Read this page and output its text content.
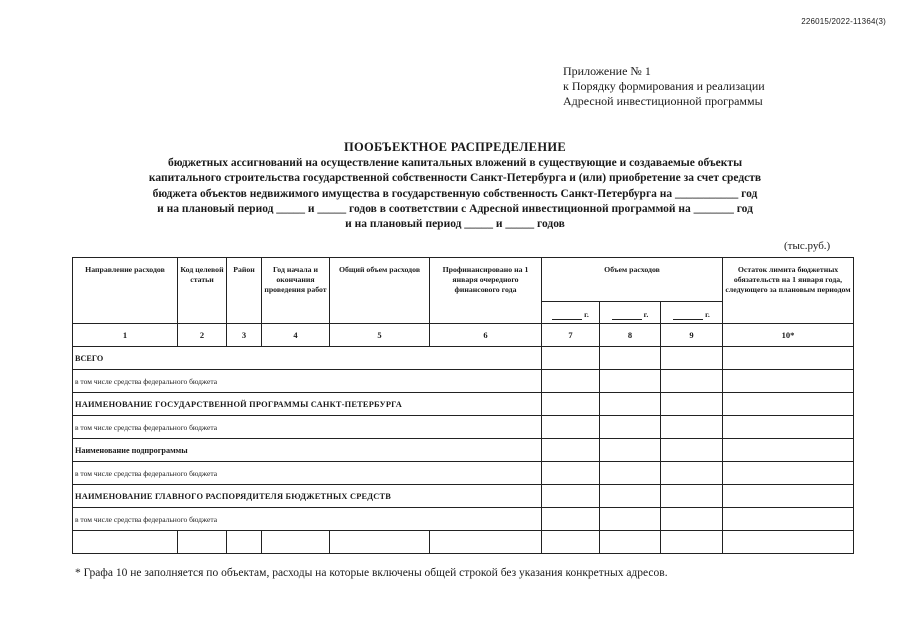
226015/2022-11364(3)
Приложение № 1
к Порядку формирования и реализации
Адресной инвестиционной программы
ПООБЪЕКТНОЕ РАСПРЕДЕЛЕНИЕ
бюджетных ассигнований на осуществление капитальных вложений в существующие и создаваемые объекты
капитального строительства государственной собственности Санкт-Петербурга и (или) приобретение за счет средств
бюджета объектов недвижимого имущества в государственную собственность Санкт-Петербурга на ___________ год
и на плановый период _____ и _____ годов в соответствии с Адресной инвестиционной программой на _______ год
и на плановый период _____ и _____ годов
(тыс.руб.)
Направление расходов	Код целевой статьи	Район	Год начала и окончания проведения работ	Общий объем расходов	Профинансировано на 1 января очередного финансового года	Объем расходов			Остаток лимита бюджетных обязательств на 1 января года, следующего за плановым периодом
						г.	г.	г.	
1	2	3	4	5	6	7	8	9	10*
ВСЕГО									
в том числе средства федерального бюджета									
НАИМЕНОВАНИЕ ГОСУДАРСТВЕННОЙ ПРОГРАММЫ САНКТ-ПЕТЕРБУРГА									
в том числе средства федерального бюджета									
Наименование подпрограммы									
в том числе средства федерального бюджета									
НАИМЕНОВАНИЕ ГЛАВНОГО РАСПОРЯДИТЕЛЯ БЮДЖЕТНЫХ СРЕДСТВ									
в том числе средства федерального бюджета									

* Графа 10 не заполняется по объектам, расходы на которые включены общей строкой без указания конкретных адресов.
